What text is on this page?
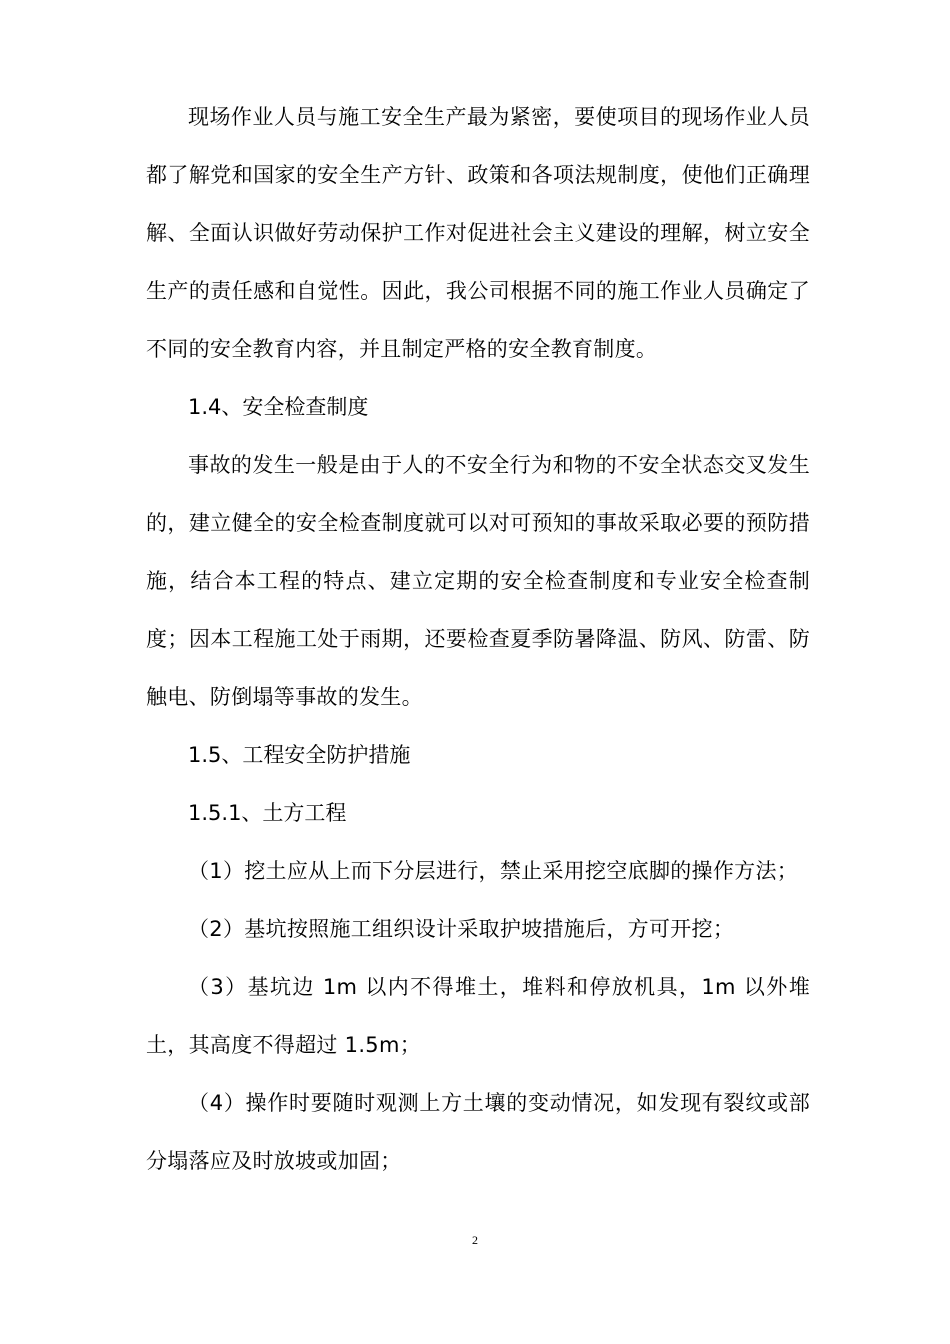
现场作业人员与施工安全生产最为紧密，要使项目的现场作业人员都了解党和国家的安全生产方针、政策和各项法规制度，使他们正确理解、全面认识做好劳动保护工作对促进社会主义建设的理解，树立安全生产的责任感和自觉性。因此，我公司根据不同的施工作业人员确定了不同的安全教育内容，并且制定严格的安全教育制度。

1.4、安全检查制度

事故的发生一般是由于人的不安全行为和物的不安全状态交叉发生的，建立健全的安全检查制度就可以对可预知的事故采取必要的预防措施，结合本工程的特点、建立定期的安全检查制度和专业安全检查制度；因本工程施工处于雨期，还要检查夏季防暑降温、防风、防雷、防触电、防倒塌等事故的发生。

1.5、工程安全防护措施

1.5.1、土方工程

（1）挖土应从上而下分层进行，禁止采用挖空底脚的操作方法；

（2）基坑按照施工组织设计采取护坡措施后，方可开挖；

（3）基坑边 1m 以内不得堆土，堆料和停放机具，1m 以外堆土，其高度不得超过 1.5m；

（4）操作时要随时观测上方土壤的变动情况，如发现有裂纹或部分塌落应及时放坡或加固；

2
